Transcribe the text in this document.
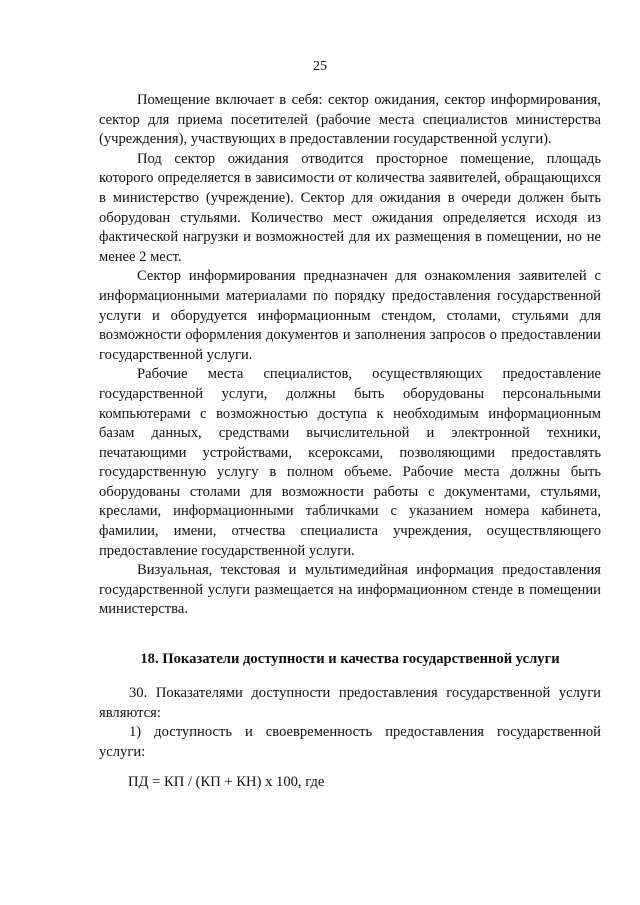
25

Помещение включает в себя: сектор ожидания, сектор информирования, сектор для приема посетителей (рабочие места специалистов министерства (учреждения), участвующих в предоставлении государственной услуги).

Под сектор ожидания отводится просторное помещение, площадь которого определяется в зависимости от количества заявителей, обращающихся в министерство (учреждение). Сектор для ожидания в очереди должен быть оборудован стульями. Количество мест ожидания определяется исходя из фактической нагрузки и возможностей для их размещения в помещении, но не менее 2 мест.

Сектор информирования предназначен для ознакомления заявителей с информационными материалами по порядку предоставления государственной услуги и оборудуется информационным стендом, столами, стульями для возможности оформления документов и заполнения запросов о предоставлении государственной услуги.

Рабочие места специалистов, осуществляющих предоставление государственной услуги, должны быть оборудованы персональными компьютерами с возможностью доступа к необходимым информационным базам данных, средствами вычислительной и электронной техники, печатающими устройствами, ксероксами, позволяющими предоставлять государственную услугу в полном объеме. Рабочие места должны быть оборудованы столами для возможности работы с документами, стульями, креслами, информационными табличками с указанием номера кабинета, фамилии, имени, отчества специалиста учреждения, осуществляющего предоставление государственной услуги.

Визуальная, текстовая и мультимедийная информация предоставления государственной услуги размещается на информационном стенде в помещении министерства.

18. Показатели доступности и качества государственной услуги

30. Показателями доступности предоставления государственной услуги являются:

1) доступность и своевременность предоставления государственной услуги:

ПД = КП / (КП + КН) х 100, где
